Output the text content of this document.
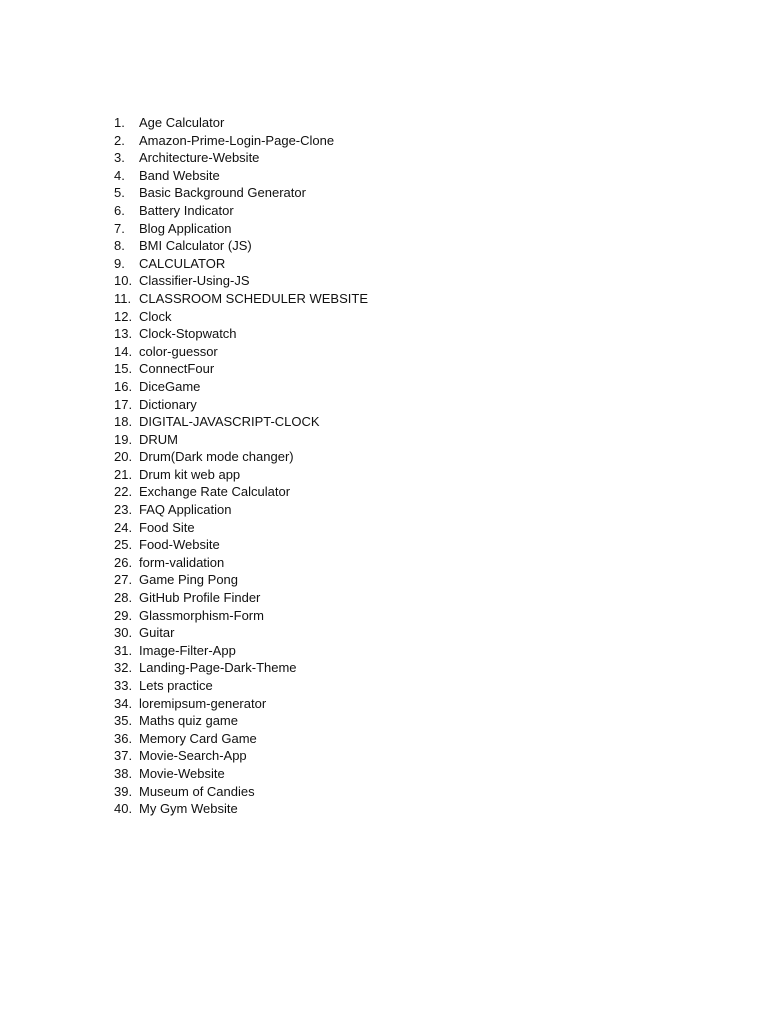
1.	Age Calculator
2.	Amazon-Prime-Login-Page-Clone
3.	Architecture-Website
4.	Band Website
5.	Basic Background Generator
6.	Battery Indicator
7.	Blog Application
8.	BMI Calculator (JS)
9.	CALCULATOR
10. Classifier-Using-JS
11. CLASSROOM SCHEDULER WEBSITE
12. Clock
13. Clock-Stopwatch
14. color-guessor
15. ConnectFour
16. DiceGame
17. Dictionary
18. DIGITAL-JAVASCRIPT-CLOCK
19. DRUM
20. Drum(Dark mode changer)
21. Drum kit web app
22. Exchange Rate Calculator
23. FAQ Application
24. Food Site
25. Food-Website
26. form-validation
27. Game Ping Pong
28. GitHub Profile Finder
29. Glassmorphism-Form
30. Guitar
31. Image-Filter-App
32. Landing-Page-Dark-Theme
33. Lets practice
34. loremipsum-generator
35. Maths quiz game
36. Memory Card Game
37. Movie-Search-App
38. Movie-Website
39. Museum of Candies
40. My Gym Website
